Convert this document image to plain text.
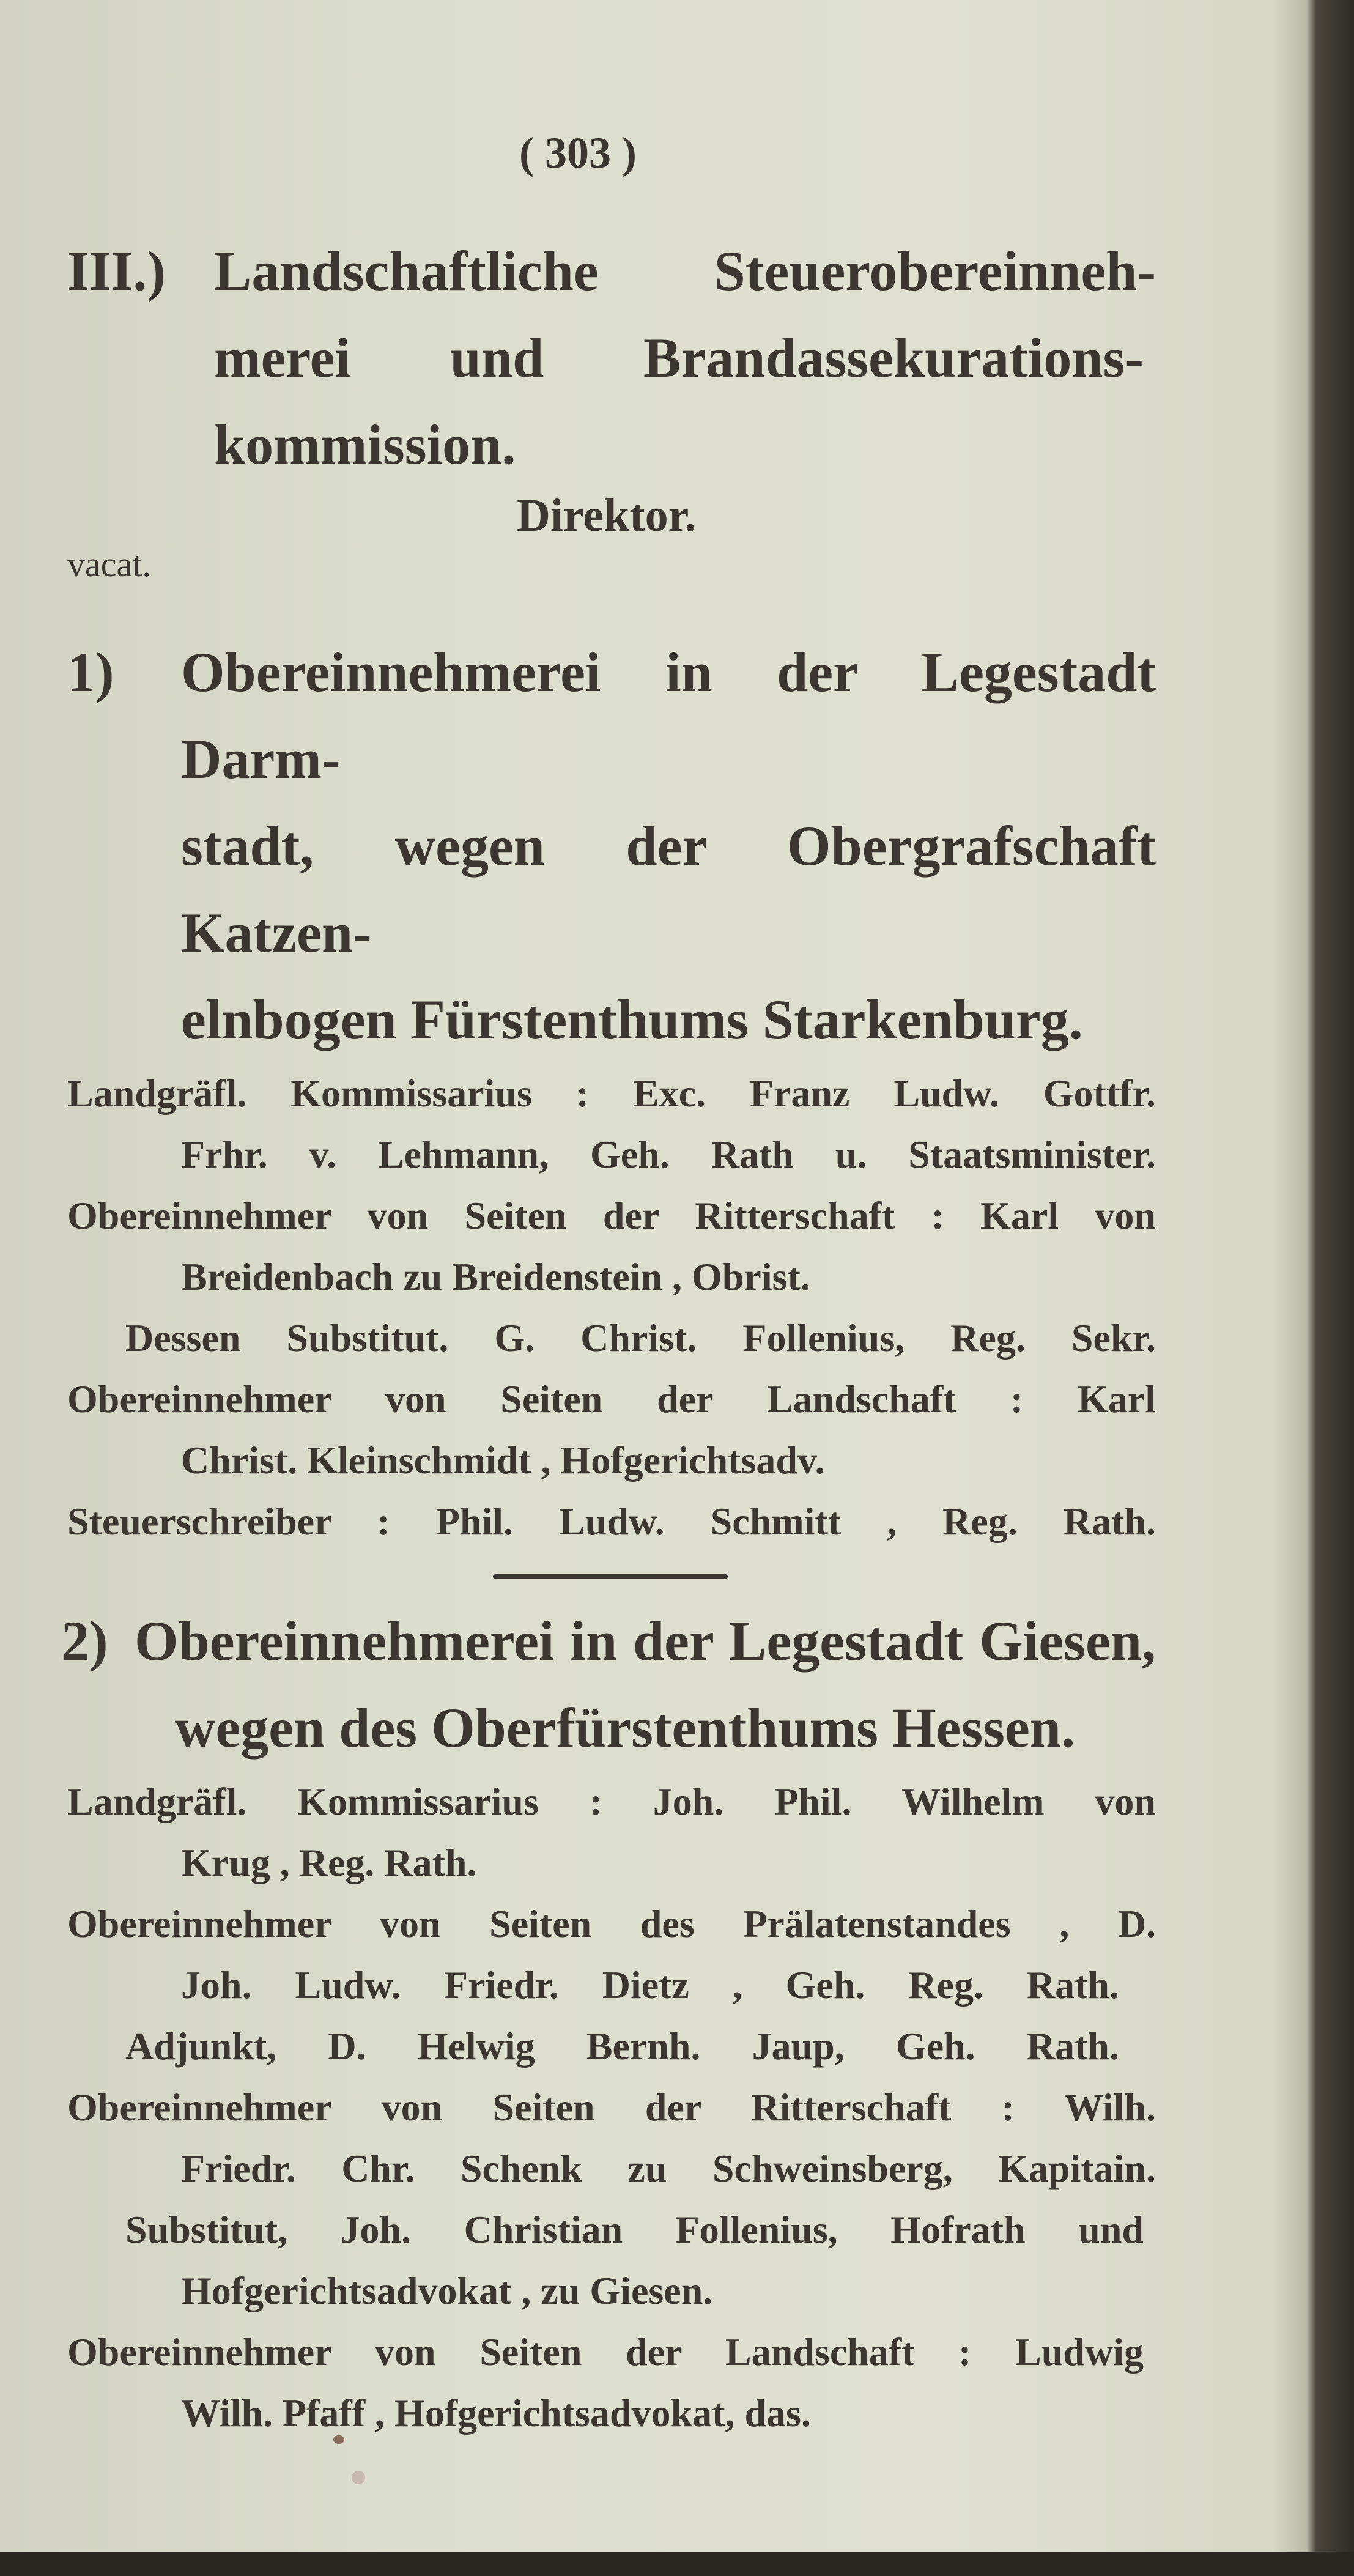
( 303 )
III.) Landschaftliche Steuerobereinneh-
merei und Brandassekurations-
kommission.
Direktor.
vacat.
1)	Obereinnehmerei in der Legestadt Darm-
stadt, wegen der Obergrafschaft Katzen-
elnbogen Fürstenthums Starkenburg.
Landgräfl. Kommissarius : Exc. Franz Ludw. Gottfr.
Frhr. v. Lehmann, Geh. Rath u. Staatsminister.
Obereinnehmer von Seiten der Ritterschaft : Karl von
Breidenbach zu Breidenstein , Obrist.
Dessen Substitut. G. Christ. Follenius, Reg. Sekr.
Obereinnehmer von Seiten der Landschaft : Karl
Christ. Kleinschmidt , Hofgerichtsadv.
Steuerschreiber : Phil. Ludw. Schmitt , Reg. Rath.
2) Obereinnehmerei in der Legestadt Giesen,
wegen des Oberfürstenthums Hessen.
Landgräfl. Kommissarius : Joh. Phil. Wilhelm von
Krug , Reg. Rath.
Obereinnehmer von Seiten des Prälatenstandes , D.
Joh. Ludw. Friedr. Dietz , Geh. Reg. Rath.
Adjunkt, D. Helwig Bernh. Jaup, Geh. Rath.
Obereinnehmer von Seiten der Ritterschaft : Wilh.
Friedr. Chr. Schenk zu Schweinsberg, Kapitain.
Substitut, Joh. Christian Follenius, Hofrath und
Hofgerichtsadvokat , zu Giesen.
Obereinnehmer von Seiten der Landschaft : Ludwig
Wilh. Pfaff , Hofgerichtsadvokat, das.
